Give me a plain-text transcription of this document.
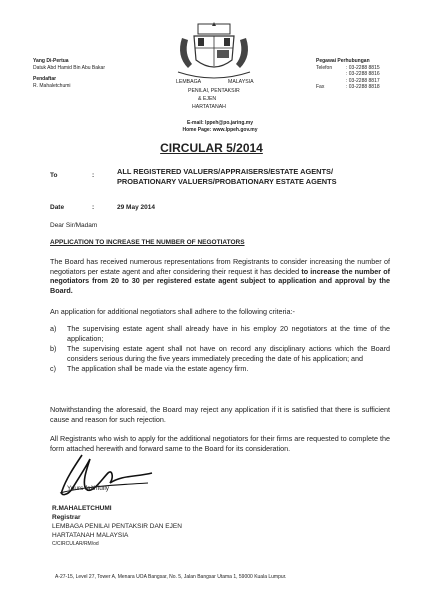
Yang Di-Pertua
Datuk Abd Hamid Bin Abu Bakar
Pendaftar
R. Mahaletchumi
LEMBAGA	MALAYSIA
PENILAI, PENTAKSIR
& EJEN
HARTATANAH
Pegawai Perhubungan
Telefon	: 03-2288 8815
: 03-2288 8816
: 03-2288 8817
Fax	: 03-2288 8818
E-mail: lppeh@po.jaring.my
Home Page: www.lppeh.gov.my
CIRCULAR 5/2014
To	:	ALL REGISTERED VALUERS/APPRAISERS/ESTATE AGENTS/
PROBATIONARY VALUERS/PROBATIONARY ESTATE AGENTS
Date	:	29 May 2014
Dear Sir/Madam
APPLICATION TO INCREASE THE NUMBER OF NEGOTIATORS
The Board has received numerous representations from Registrants to consider increasing the number of negotiators per estate agent and after considering their request it has decided to increase the number of negotiators from 20 to 30 per registered estate agent subject to application and approval by the Board.
An application for additional negotiators shall adhere to the following criteria:-
a)	The supervising estate agent shall already have in his employ 20 negotiators at the time of the application;
b)	The supervising estate agent shall not have on record any disciplinary actions which the Board considers serious during the five years immediately preceding the date of his application; and
c)	The application shall be made via the estate agency firm.
Notwithstanding the aforesaid, the Board may reject any application if it is satisfied that there is sufficient cause and reason for such rejection.
All Registrants who wish to apply for the additional negotiators for their firms are requested to complete the form attached herewith and forward same to the Board for its consideration.
Yours faithfully
R.MAHALETCHUMI
Registrar
LEMBAGA PENILAI PENTAKSIR DAN EJEN
HARTATANAH MALAYSIA
C/CIRCULAR/RM/od
A-27-15, Level 27, Tower A, Menara UOA Bangsar, No. 5, Jalan Bangsar Utama 1, 59000 Kuala Lumpur.
